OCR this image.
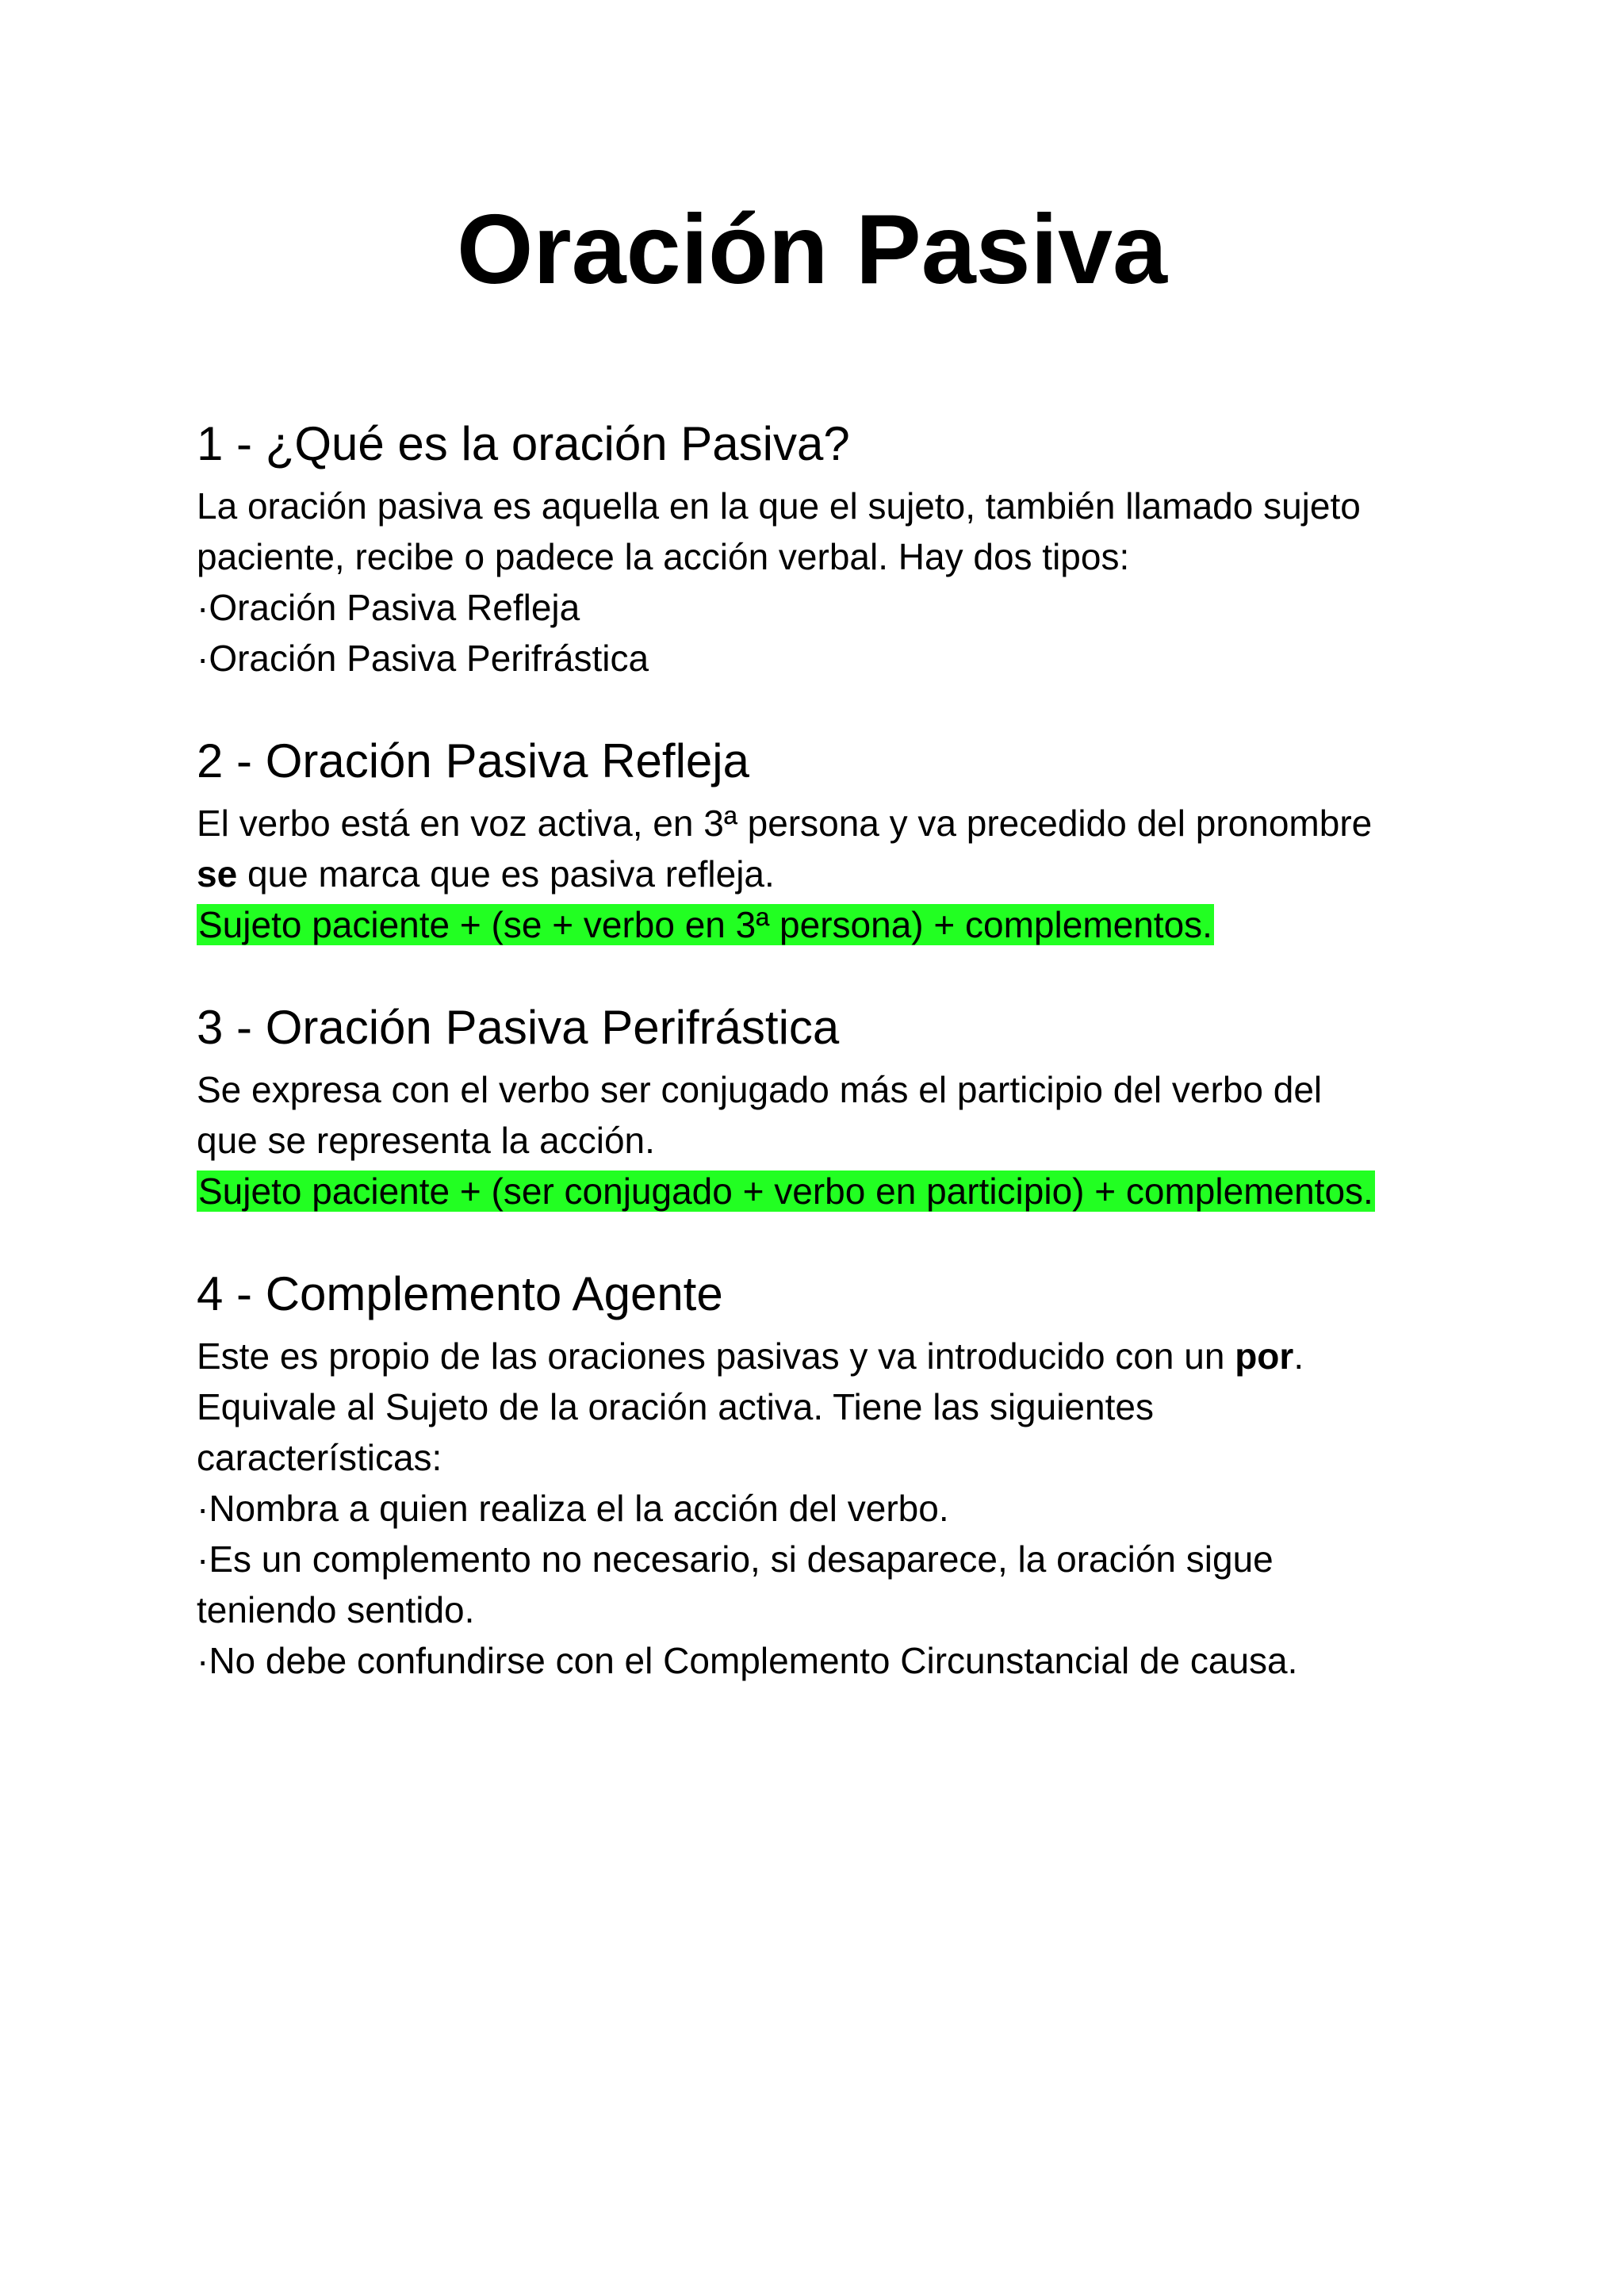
Oración Pasiva
1 - ¿Qué es la oración Pasiva?

La oración pasiva es aquella en la que el sujeto, también llamado sujeto

paciente, recibe o padece la acción verbal. Hay dos tipos:

·Oración Pasiva Refleja

·Oración Pasiva Perifrástica

2 - Oración Pasiva Refleja

El verbo está en voz activa, en 3ª persona y va precedido del pronombre

se que marca que es pasiva refleja.

Sujeto paciente + (se + verbo en 3ª persona) + complementos.

3 - Oración Pasiva Perifrástica

Se expresa con el verbo ser conjugado más el participio del verbo del

que se representa la acción.

Sujeto paciente + (ser conjugado + verbo en participio) + complementos.

4 - Complemento Agente

Este es propio de las oraciones pasivas y va introducido con un por.

Equivale al Sujeto de la oración activa. Tiene las siguientes

características:

·Nombra a quien realiza el la acción del verbo.

·Es un complemento no necesario, si desaparece, la oración sigue

teniendo sentido.

·No debe confundirse con el Complemento Circunstancial de causa.
